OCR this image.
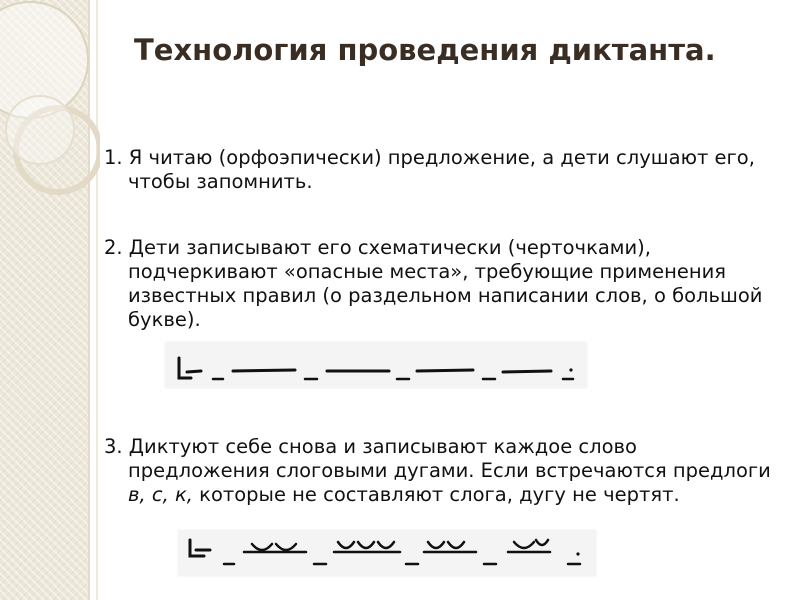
Технология проведения диктанта.
1. Я читаю (орфоэпически) предложение, а дети слушают его, чтобы запомнить.
2. Дети записывают его схематически (черточками), подчеркивают «опасные места», требующие применения известных правил (о раздельном написании слов, о большой букве).
3. Диктуют себе снова и записывают каждое слово предложения слоговыми дугами. Если встречаются предлоги в, с, к, которые не составляют слога, дугу не чертят.
